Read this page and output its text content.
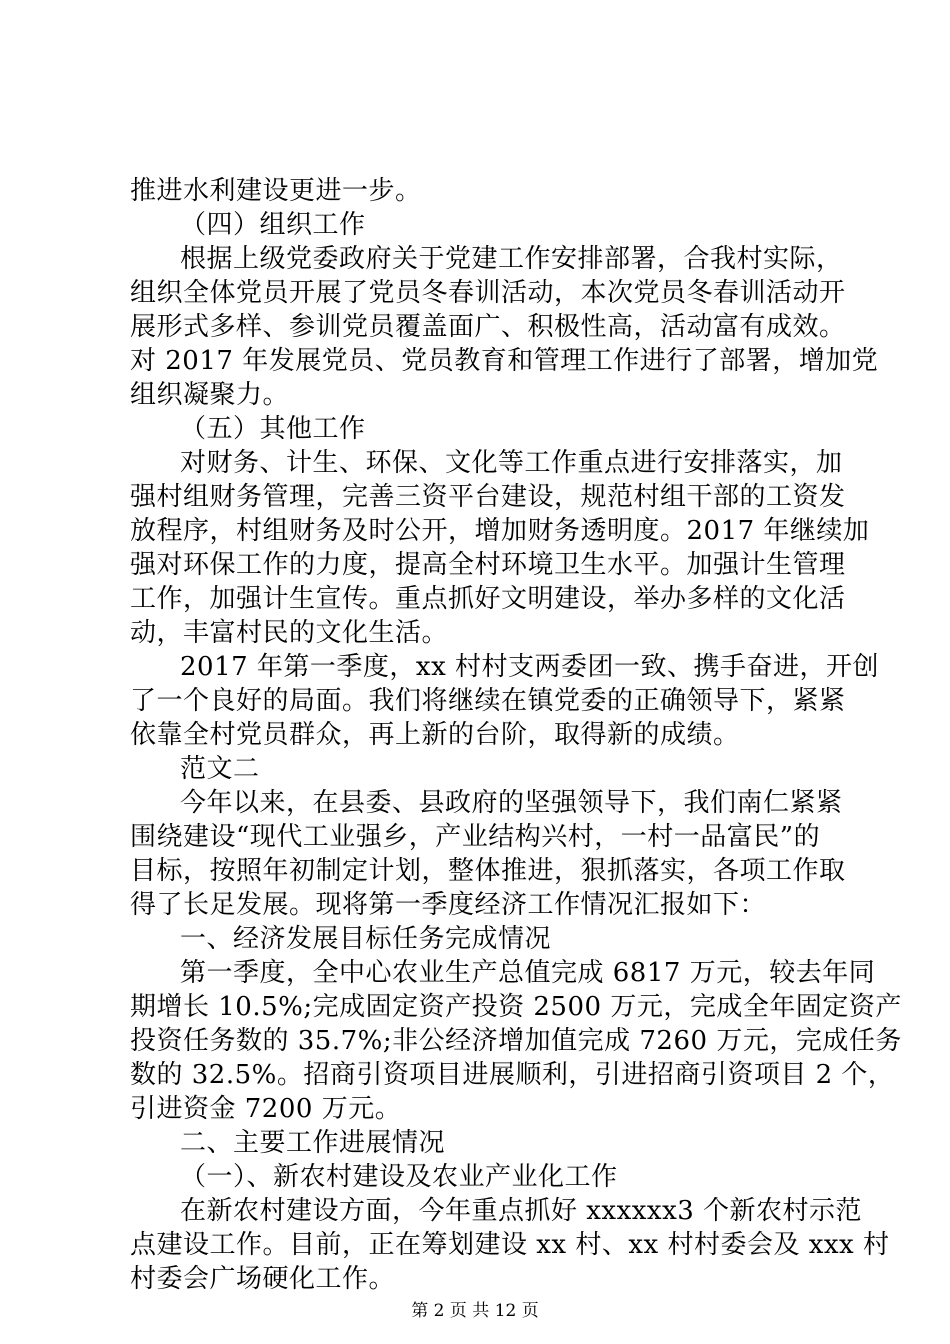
推进水利建设更进一步。
（四）组织工作
根据上级党委政府关于党建工作安排部署，合我村实际，
组织全体党员开展了党员冬春训活动，本次党员冬春训活动开
展形式多样、参训党员覆盖面广、积极性高，活动富有成效。
对 2017 年发展党员、党员教育和管理工作进行了部署，增加党
组织凝聚力。
（五）其他工作
对财务、计生、环保、文化等工作重点进行安排落实，加
强村组财务管理，完善三资平台建设，规范村组干部的工资发
放程序，村组财务及时公开，增加财务透明度。2017 年继续加
强对环保工作的力度，提高全村环境卫生水平。加强计生管理
工作，加强计生宣传。重点抓好文明建设，举办多样的文化活
动，丰富村民的文化生活。
2017 年第一季度，xx 村村支两委团一致、携手奋进，开创
了一个良好的局面。我们将继续在镇党委的正确领导下，紧紧
依靠全村党员群众，再上新的台阶，取得新的成绩。
范文二
今年以来，在县委、县政府的坚强领导下，我们南仁紧紧
围绕建设“现代工业强乡，产业结构兴村，一村一品富民”的
目标，按照年初制定计划，整体推进，狠抓落实，各项工作取
得了长足发展。现将第一季度经济工作情况汇报如下：
一、经济发展目标任务完成情况
第一季度，全中心农业生产总值完成 6817 万元，较去年同
期增长 10.5%;完成固定资产投资 2500 万元，完成全年固定资产
投资任务数的 35.7%;非公经济增加值完成 7260 万元，完成任务
数的 32.5%。招商引资项目进展顺利，引进招商引资项目 2 个，
引进资金 7200 万元。
二、主要工作进展情况
（一）、新农村建设及农业产业化工作
在新农村建设方面，今年重点抓好 xxxxxx3 个新农村示范
点建设工作。目前，正在筹划建设 xx 村、xx 村村委会及 xxx 村
村委会广场硬化工作。
第 2 页 共 12 页
